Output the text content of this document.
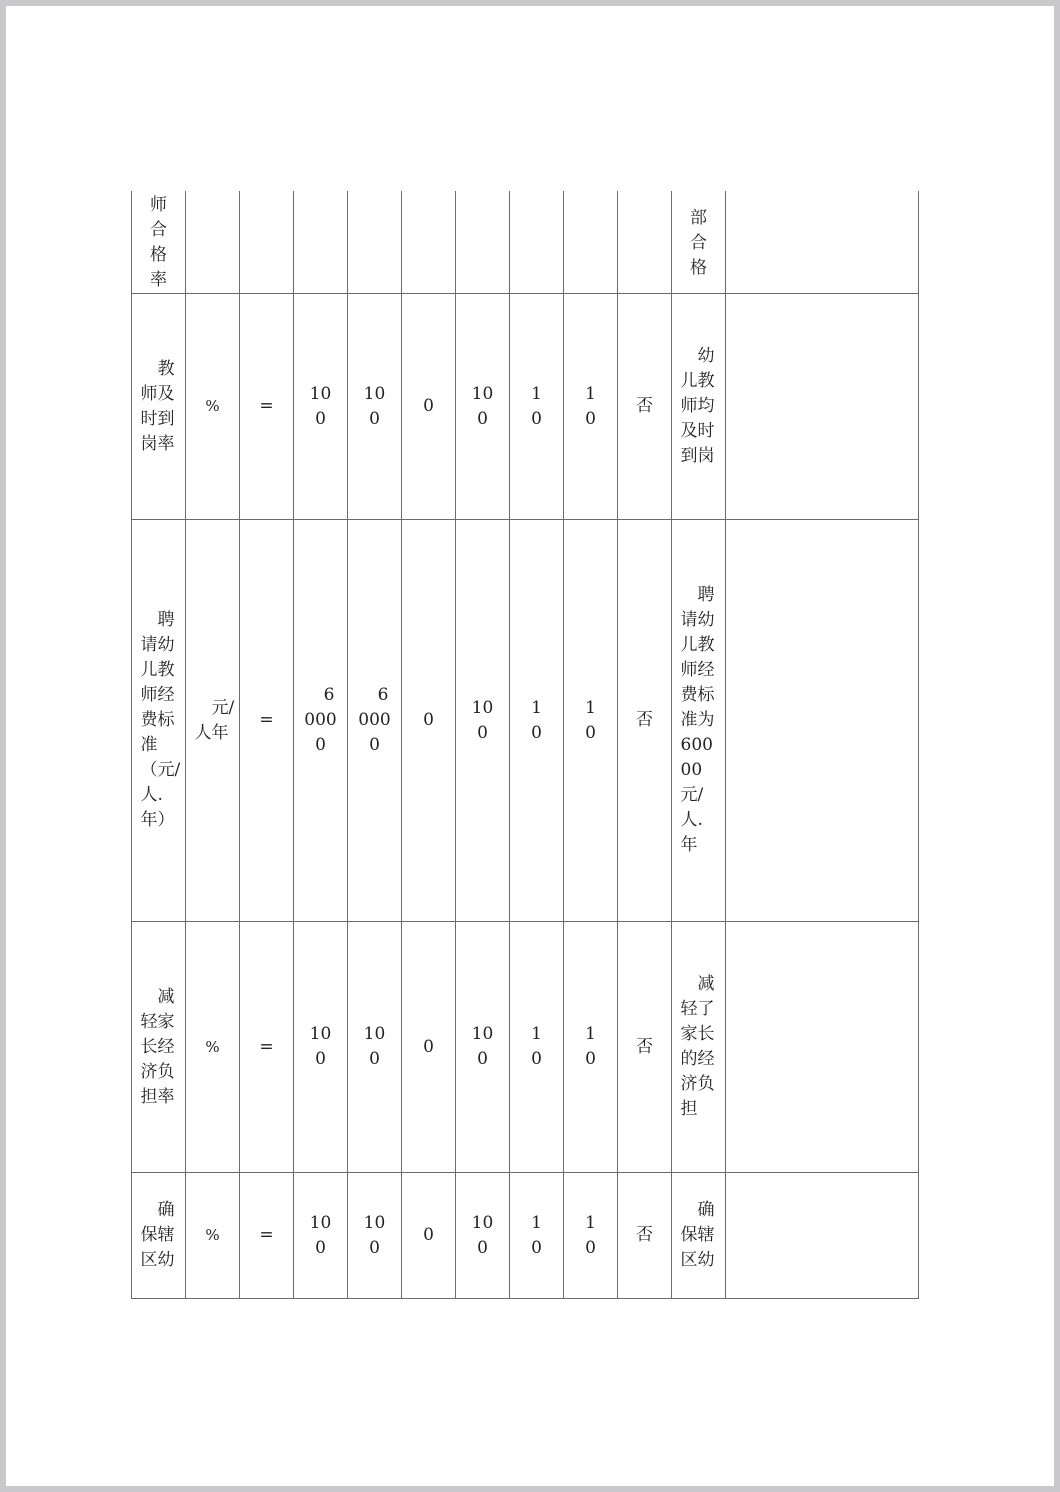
师合格率										部合格	

教师及时到岗率	%	=	100	100	0	100	10	10	否	幼儿教师均及时到岗	

聘请幼儿教师经费标准（元/人.年）	元/人年	=	60000	60000	0	100	10	10	否	聘请幼儿教师经费标准为60000元/人.年	

减轻家长经济负担率	%	=	100	100	0	100	10	10	否	减轻了家长的经济负担	

确保辖区幼	%	=	100	100	0	100	10	10	否	确保辖区幼	
